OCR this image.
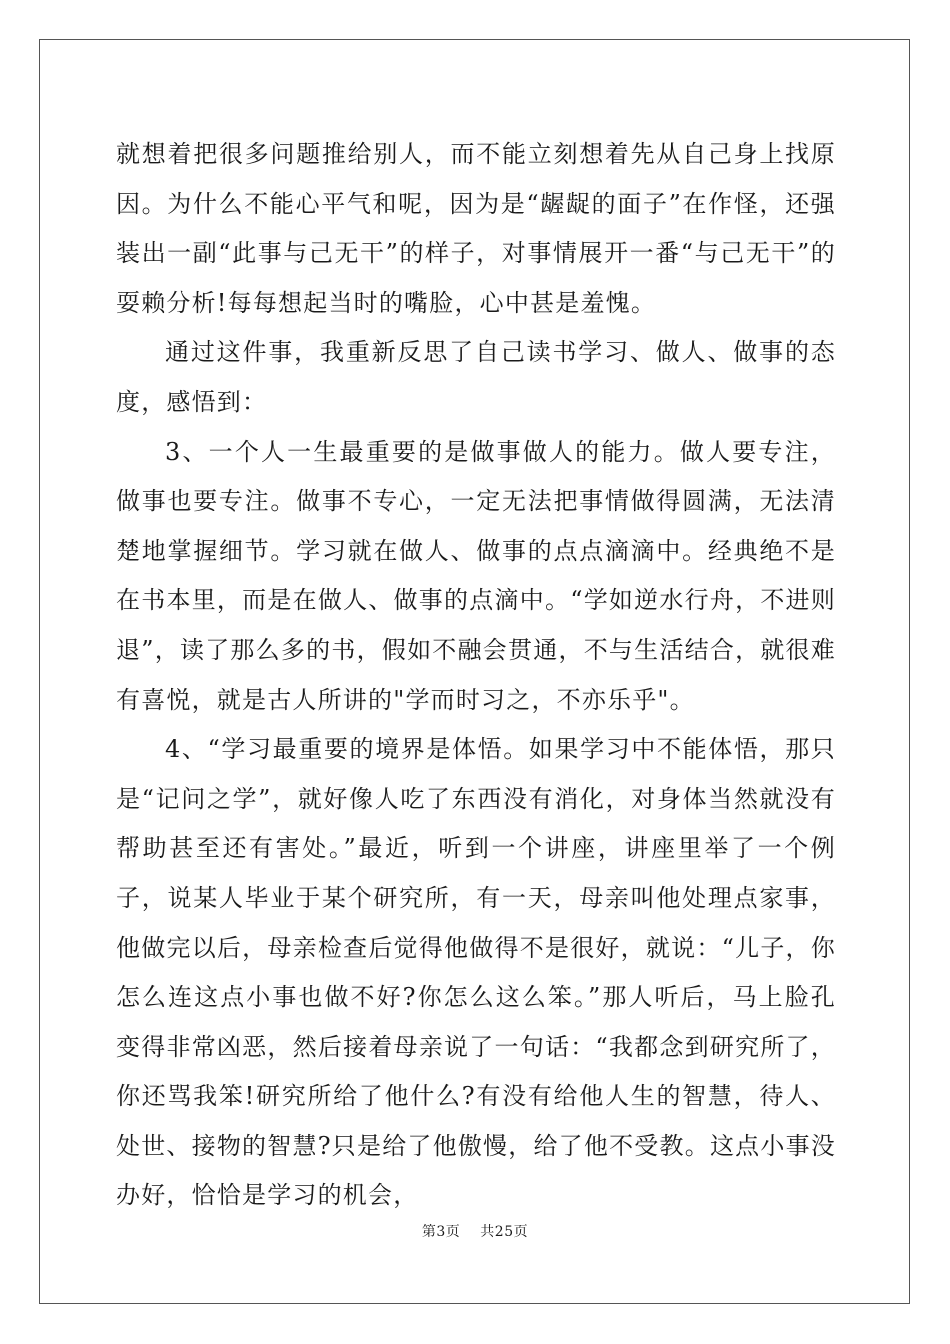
就想着把很多问题推给别人，而不能立刻想着先从自己身上找原因。为什么不能心平气和呢，因为是“龌龊的面子”在作怪，还强装出一副“此事与己无干”的样子，对事情展开一番“与己无干”的耍赖分析!每每想起当时的嘴脸，心中甚是羞愧。

通过这件事，我重新反思了自己读书学习、做人、做事的态度，感悟到：

3、一个人一生最重要的是做事做人的能力。做人要专注，做事也要专注。做事不专心，一定无法把事情做得圆满，无法清楚地掌握细节。学习就在做人、做事的点点滴滴中。经典绝不是在书本里，而是在做人、做事的点滴中。“学如逆水行舟，不进则退”，读了那么多的书，假如不融会贯通，不与生活结合，就很难有喜悦，就是古人所讲的"学而时习之，不亦乐乎"。

4、“学习最重要的境界是体悟。如果学习中不能体悟，那只是“记问之学”，就好像人吃了东西没有消化，对身体当然就没有帮助甚至还有害处。”最近，听到一个讲座，讲座里举了一个例子，说某人毕业于某个研究所，有一天，母亲叫他处理点家事，他做完以后，母亲检查后觉得他做得不是很好，就说：“儿子，你怎么连这点小事也做不好?你怎么这么笨。”那人听后，马上脸孔变得非常凶恶，然后接着母亲说了一句话：“我都念到研究所了，你还骂我笨!研究所给了他什么?有没有给他人生的智慧，待人、处世、接物的智慧?只是给了他傲慢，给了他不受教。这点小事没办好，恰恰是学习的机会，

第3页 共25页
